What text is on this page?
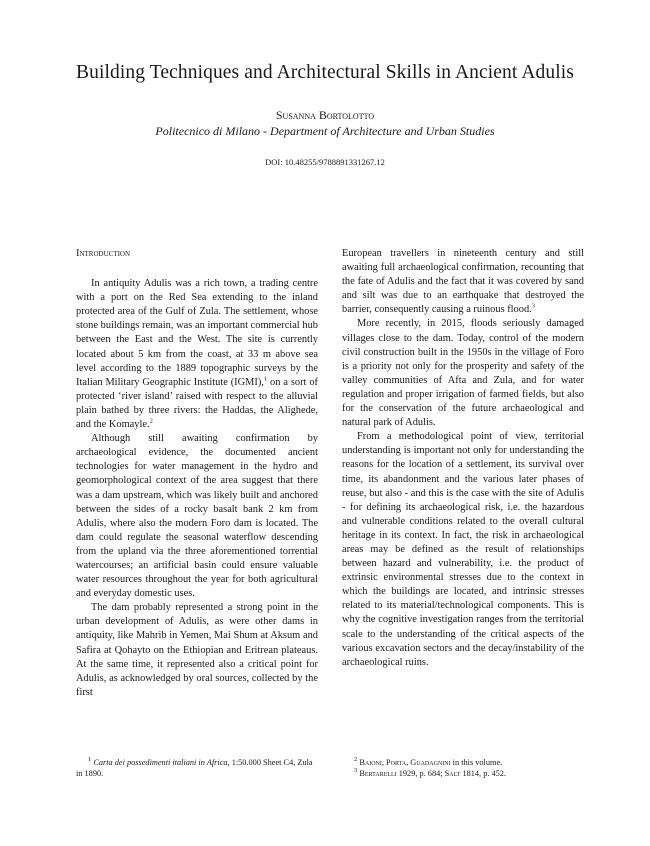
Building Techniques and Architectural Skills in Ancient Adulis
Susanna Bortolotto
Politecnico di Milano - Department of Architecture and Urban Studies
DOI: 10.48255/9788891331267.12
Introduction

In antiquity Adulis was a rich town, a trading centre with a port on the Red Sea extending to the inland protected area of the Gulf of Zula. The settlement, whose stone buildings remain, was an important commercial hub between the East and the West. The site is currently located about 5 km from the coast, at 33 m above sea level according to the 1889 topographic surveys by the Italian Military Geographic Institute (IGMI),$^1$ on a sort of protected ‘river island’ raised with respect to the alluvial plain bathed by three rivers: the Haddas, the Alighede, and the Komayle.$^2$

Although still awaiting confirmation by archaeological evidence, the documented ancient technologies for water management in the hydro and geomorphological context of the area suggest that there was a dam upstream, which was likely built and anchored between the sides of a rocky basalt bank 2 km from Adulis, where also the modern Foro dam is located. The dam could regulate the seasonal waterflow descending from the upland via the three aforementioned torrential watercourses; an artificial basin could ensure valuable water resources throughout the year for both agricultural and everyday domestic uses.

The dam probably represented a strong point in the urban development of Adulis, as were other dams in antiquity, like Mahrib in Yemen, Mai Shum at Aksum and Safira at Qohayto on the Ethiopian and Eritrean plateaus. At the same time, it represented also a critical point for Adulis, as acknowledged by oral sources, collected by the first

European travellers in nineteenth century and still awaiting full archaeological confirmation, recounting that the fate of Adulis and the fact that it was covered by sand and silt was due to an earthquake that destroyed the barrier, consequently causing a ruinous flood.$^3$

More recently, in 2015, floods seriously damaged villages close to the dam. Today, control of the modern civil construction built in the 1950s in the village of Foro is a priority not only for the prosperity and safety of the valley communities of Afta and Zula, and for water regulation and proper irrigation of farmed fields, but also for the conservation of the future archaeological and natural park of Adulis.

From a methodological point of view, territorial understanding is important not only for understanding the reasons for the location of a settlement, its survival over time, its abandonment and the various later phases of reuse, but also - and this is the case with the site of Adulis - for defining its archaeological risk, i.e. the hazardous and vulnerable conditions related to the overall cultural heritage in its context. In fact, the risk in archaeological areas may be defined as the result of relationships between hazard and vulnerability, i.e. the product of extrinsic environmental stresses due to the context in which the buildings are located, and intrinsic stresses related to its material/technological components. This is why the cognitive investigation ranges from the territorial scale to the understanding of the critical aspects of the various excavation sectors and the decay/instability of the archaeological ruins.

$^1$ Carta dei possedimenti italiani in Africa, 1:50.000 Sheet C4, Zula in 1890.

$^2$ Baioni, Porta, Guadagnini in this volume.

$^3$ Bertarelli 1929, p. 684; Salt 1814, p. 452.
